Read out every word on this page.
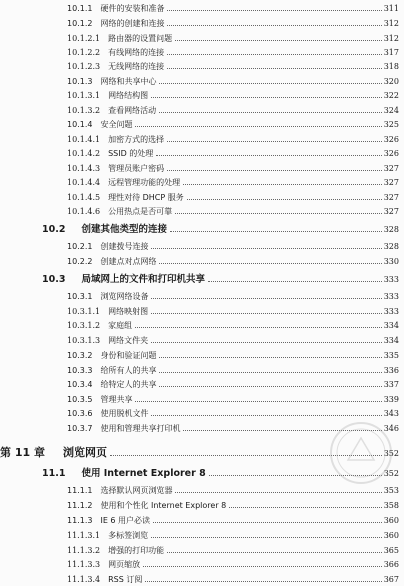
10.1.1 硬件的安装和准备	311
10.1.2 网络的创建和连接	312
10.1.2.1 路由器的设置问题	312
10.1.2.2 有线网络的连接	317
10.1.2.3 无线网络的连接	318
10.1.3 网络和共享中心	320
10.1.3.1 网络结构图	322
10.1.3.2 查看网络活动	324
10.1.4 安全问题	325
10.1.4.1 加密方式的选择	326
10.1.4.2 SSID 的处理	326
10.1.4.3 管理员账户密码	327
10.1.4.4 远程管理功能的处理	327
10.1.4.5 理性对待 DHCP 服务	327
10.1.4.6 公用热点是否可靠	327
10.2 创建其他类型的连接	328
10.2.1 创建拨号连接	328
10.2.2 创建点对点网络	330
10.3 局域网上的文件和打印机共享	333
10.3.1 浏览网络设备	333
10.3.1.1 网络映射图	333
10.3.1.2 家庭组	334
10.3.1.3 网络文件夹	334
10.3.2 身份和验证问题	335
10.3.3 给所有人的共享	336
10.3.4 给特定人的共享	337
10.3.5 管理共享	339
10.3.6 使用脱机文件	343
10.3.7 使用和管理共享打印机	346
第 11 章 浏览网页	352
11.1 使用 Internet Explorer 8	352
11.1.1 选择默认网页浏览器	353
11.1.2 使用和个性化 Internet Explorer 8	358
11.1.3 IE 6 用户必读	360
11.1.3.1 多标签浏览	360
11.1.3.2 增强的打印功能	365
11.1.3.3 网页缩放	366
11.1.3.4 RSS 订阅	367
